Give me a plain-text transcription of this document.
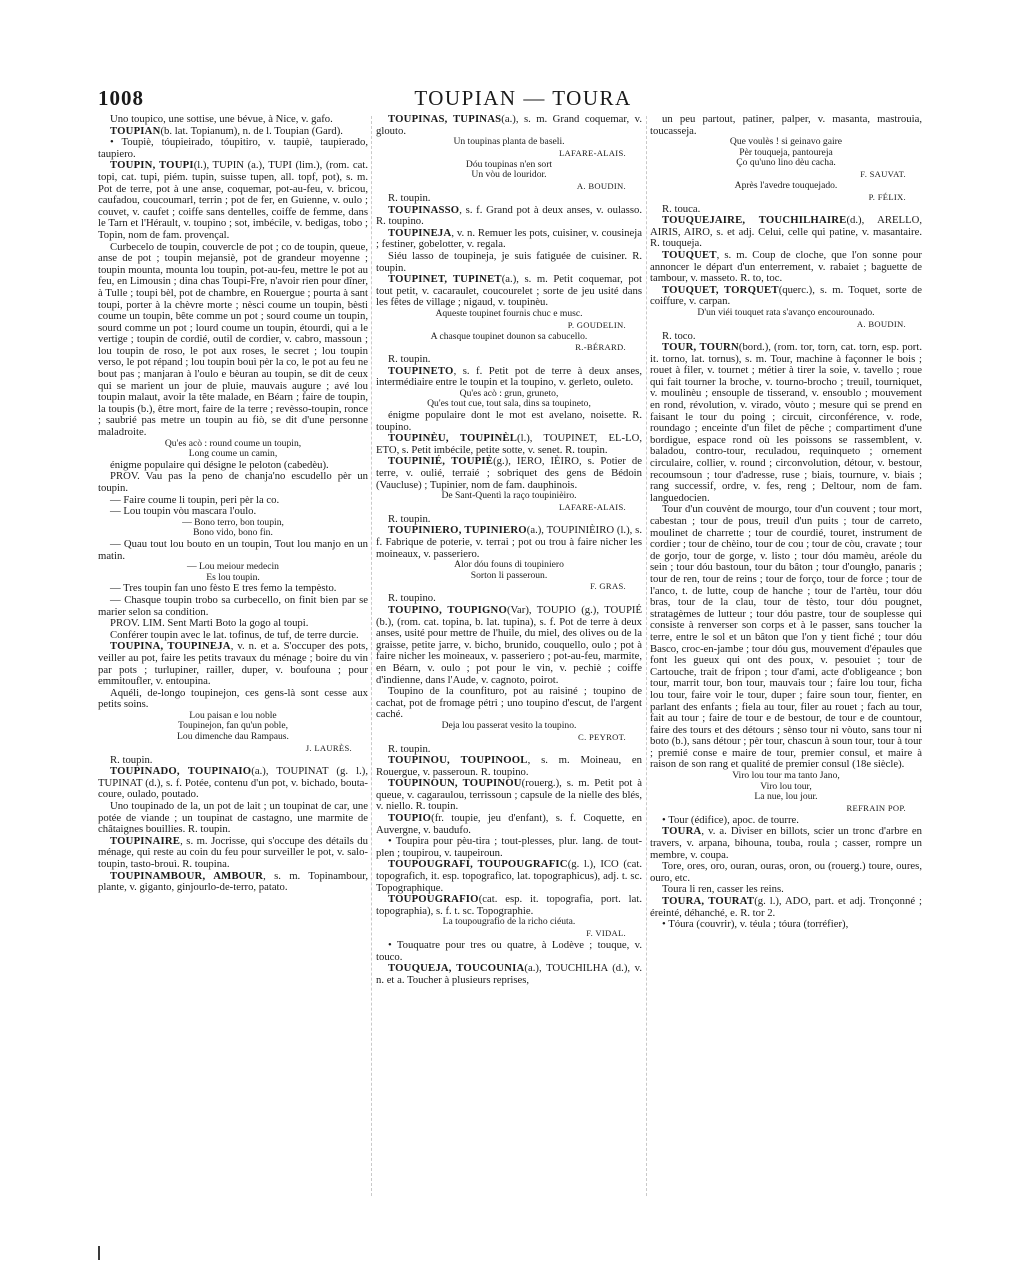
1008	TOUPIAN — TOURA

Uno toupico, une sottise, une bévue, à Nice, v. gafo.

TOUPIAN(b. lat. Topianum), n. de l. Toupian (Gard).

• Toupiè, tóupieirado, tóupitiro, v. taupiè, taupierado, taupiero.

TOUPIN, TOUPI(l.), TUPIN (a.), TUPI (lim.), (rom. cat. topi, cat. tupi, piém. tupin, suisse tupen, all. topf, pot), s. m. Pot de terre, pot à une anse, coquemar, pot-au-feu, v. bricou, caufadou, coucoumarl, terrin ; pot de fer, en Guienne, v. oulo ; couvet, v. caufet ; coiffe sans dentelles, coiffe de femme, dans le Tarn et l'Hérault, v. toupino ; sot, imbécile, v. bedigas, tobo ; Topin, nom de fam. provençal.

Curbecelo de toupin, couvercle de pot ; co de toupin, queue, anse de pot ; toupin mejansiè, pot de grandeur moyenne ; toupin mounta, mounta lou toupin, pot-au-feu, mettre le pot au feu, en Limousin ; dina chas Toupi-Fre, n'avoir rien pour dîner, à Tulle ; toupi bèl, pot de chambre, en Rouergue ; pourta à sant toupi, porter à la chèvre morte ; nèsci coume un toupin, bèsti coume un toupin, bête comme un pot ; sourd coume un toupin, sourd comme un pot ; lourd coume un toupin, étourdi, qui a le vertige ; toupin de cordié, outil de cordier, v. cabro, massoun ; lou toupin de roso, le pot aux roses, le secret ; lou toupin verso, le pot répand ; lou toupin bouì pèr la co, le pot au feu ne bout pas ; manjaran à l'oulo e bèuran au toupin, se dit de ceux qui se marient un jour de pluie, mauvais augure ; avé lou toupin malaut, avoir la tête malade, en Béarn ; faire de toupin, la toupis (b.), être mort, faire de la terre ; revèsso-toupin, ronce ; saubrié pas metre un toupin au fiò, se dit d'une personne maladroite.

Qu'es acò : round coume un toupin,

Long coume un camin,

énigme populaire qui désigne le peloton (cabedèu).

PROV. Vau pas la peno de chanja'no escudello pèr un toupin.

— Faire coume li toupin, peri pèr la co.

— Lou toupin vòu mascara l'oulo.

— Bono terro, bon toupin,

Bono vido, bono fin.

— Quau tout lou bouto en un toupin, Tout lou manjo en un matin.

— Lou meiour medecin

Es lou toupin.

— Tres toupin fan uno fèsto E tres femo la tempèsto.

— Chasque toupin trobo sa curbecello, on finit bien par se marier selon sa condition.

PROV. LIM. Sent Marti Boto la gogo al toupi.

Conférer toupin avec le lat. tofinus, de tuf, de terre durcie.

TOUPINA, TOUPINEJA, v. n. et a. S'occuper des pots, veiller au pot, faire les petits travaux du ménage ; boire du vin par pots ; turlupiner, railler, duper, v. boufouna ; pour emmitoufler, v. entoupina.

Aquéli, de-longo toupinejon, ces gens-là sont cesse aux petits soins.

Lou paisan e lou noble

Toupinejon, fan qu'un poble,

Lou dimenche dau Rampaus.

J. LAURÈS.

R. toupin.

TOUPINADO, TOUPINAIO(a.), TOUPINAT (g. l.), TUPINAT (d.), s. f. Potée, contenu d'un pot, v. bichado, bouta-coure, oulado, poutado.

Uno toupinado de la, un pot de lait ; un toupinat de car, une potée de viande ; un toupinat de castagno, une marmite de châtaignes bouillies. R. toupin.

TOUPINAIRE, s. m. Jocrisse, qui s'occupe des détails du ménage, qui reste au coin du feu pour surveiller le pot, v. salo-toupin, tasto-brouì. R. toupina.

TOUPINAMBOUR, AMBOUR, s. m. Topinambour, plante, v. giganto, ginjourlo-de-terro, patato.

TOUPINAS, TUPINAS(a.), s. m. Grand coquemar, v. glouto.

Un toupinas planta de baseli.

LAFARE-ALAIS.

Dóu toupinas n'en sort

Un vòu de louridor.

A. BOUDIN.

R. toupin.

TOUPINASSO, s. f. Grand pot à deux anses, v. oulasso. R. toupino.

TOUPINEJA, v. n. Remuer les pots, cuisiner, v. cousineja ; festiner, gobelotter, v. regala.

Siéu lasso de toupineja, je suis fatiguée de cuisiner. R. toupin.

TOUPINET, TUPINET(a.), s. m. Petit coquemar, pot tout petit, v. cacaraulet, coucourelet ; sorte de jeu usité dans les fêtes de village ; nigaud, v. toupinèu.

Aqueste toupinet fournis chuc e musc.

P. GOUDELIN.

A chasque toupinet dounon sa cabucello.

R.-BÉRARD.

R. toupin.

TOUPINETO, s. f. Petit pot de terre à deux anses, intermédiaire entre le toupin et la toupino, v. gerleto, ouleto.

Qu'es acò : grun, gruneto,

Qu'es tout cue, tout sala, dins sa toupineto,

énigme populaire dont le mot est avelano, noisette. R. toupino.

TOUPINÈU, TOUPINÈL(l.), TOUPINET, EL-LO, ETO, s. Petit imbécile, petite sotte, v. senet. R. toupin.

TOUPINIÉ, TOUPIÈ(g.), IERO, IÈIRO, s. Potier de terre, v. oulié, terraié ; sobriquet des gens de Bédoin (Vaucluse) ; Tupinier, nom de fam. dauphinois.

De Sant-Quentì la raço toupinièiro.

LAFARE-ALAIS.

R. toupin.

TOUPINIERO, TUPINIERO(a.), TOUPINIÈIRO (l.), s. f. Fabrique de poterie, v. terrai ; pot ou trou à faire nicher les moineaux, v. passeriero.

Alor dóu founs di toupiniero

Sorton li passeroun.

F. GRAS.

R. toupino.

TOUPINO, TOUPIGNO(Var), TOUPIO (g.), TOUPIÉ (b.), (rom. cat. topina, b. lat. tupina), s. f. Pot de terre à deux anses, usité pour mettre de l'huile, du miel, des olives ou de la graisse, petite jarre, v. bicho, brunido, couquello, oulo ; pot à faire nicher les moineaux, v. passeriero ; pot-au-feu, marmite, en Béarn, v. oulo ; pot pour le vin, v. pechiè ; coiffe d'indienne, dans l'Aude, v. cagnoto, poirot.

Toupino de la counfituro, pot au raisiné ; toupino de cachat, pot de fromage pétri ; uno toupino d'escut, de l'argent caché.

Deja lou passerat vesito la toupino.

C. PEYROT.

R. toupin.

TOUPINOU, TOUPINOOL, s. m. Moineau, en Rouergue, v. passeroun. R. toupino.

TOUPINOUN, TOUPINOU(rouerg.), s. m. Petit pot à queue, v. cagaraulou, terrissoun ; capsule de la nielle des blés, v. niello. R. toupin.

TOUPIO(fr. toupie, jeu d'enfant), s. f. Coquette, en Auvergne, v. baudufo.

• Toupira pour pèu-tira ; tout-plesses, plur. lang. de tout-plen ; toupirou, v. taupeiroun.

TOUPOUGRAFI, TOUPOUGRAFIC(g. l.), ICO (cat. topografich, it. esp. topografico, lat. topographicus), adj. t. sc. Topographique.

TOUPOUGRAFIO(cat. esp. it. topografia, port. lat. topographia), s. f. t. sc. Topographie.

La toupougrafio de la richo ciéuta.

F. VIDAL.

• Touquatre pour tres ou quatre, à Lodève ; touque, v. touco.

TOUQUEJA, TOUCOUNIA(a.), TOUCHILHA (d.), v. n. et a. Toucher à plusieurs reprises,

un peu partout, patiner, palper, v. masanta, mastrouia, toucasseja.

Que voulès ! si geinavo gaire

Pèr touqueja, pantoureja

Ço qu'uno lino dèu cacha.

F. SAUVAT.

Après l'avedre touquejado.

P. FÉLIX.

R. touca.

TOUQUEJAIRE, TOUCHILHAIRE(d.), ARELLO, AIRIS, AIRO, s. et adj. Celui, celle qui patine, v. masantaire. R. touqueja.

TOUQUET, s. m. Coup de cloche, que l'on sonne pour annoncer le départ d'un enterrement, v. rabaiet ; baguette de tambour, v. masseto. R. to, toc.

TOUQUET, TORQUET(querc.), s. m. Toquet, sorte de coiffure, v. carpan.

D'un viéi touquet rata s'avanço encourounado.

A. BOUDIN.

R. toco.

TOUR, TOURN(bord.), (rom. tor, torn, cat. torn, esp. port. it. torno, lat. tornus), s. m. Tour, machine à façonner le bois ; rouet à filer, v. tournet ; métier à tirer la soie, v. tavello ; roue qui fait tourner la broche, v. tourno-brocho ; treuil, tourniquet, v. moulinèu ; ensouple de tisserand, v. ensoublo ; mouvement en rond, révolution, v. virado, vòuto ; mesure qui se prend en faisant le tour du poing ; circuit, circonférence, v. rode, roundago ; enceinte d'un filet de pêche ; compartiment d'une bordigue, espace rond où les poissons se rassemblent, v. baladou, contro-tour, reculadou, requinqueto ; ornement circulaire, collier, v. round ; circonvolution, détour, v. bestour, recoumsoun ; tour d'adresse, ruse ; biais, tournure, v. biais ; rang successif, ordre, v. fes, reng ; Deltour, nom de fam. languedocien.

Tour d'un couvènt de mourgo, tour d'un couvent ; tour mort, cabestan ; tour de pous, treuil d'un puits ; tour de carreto, moulinet de charrette ; tour de courdié, touret, instrument de cordier ; tour de chèino, tour de cou ; tour de còu, cravate ; tour de gorjo, tour de gorge, v. listo ; tour dóu mamèu, aréole du sein ; tour dóu bastoun, tour du bâton ; tour d'oungło, panaris ; tour de ren, tour de reins ; tour de forço, tour de force ; tour de l'anco, t. de lutte, coup de hanche ; tour de l'artèu, tour dóu bras, tour de la clau, tour de tèsto, tour dóu pougnet, stratagèmes de lutteur ; tour dóu pastre, tour de souplesse qui consiste à renverser son corps et à le passer, sans toucher la terre, entre le sol et un bâton que l'on y tient fiché ; tour dóu Basco, croc-en-jambe ; tour dóu gus, mouvement d'épaules que font les gueux qui ont des poux, v. pesouiet ; tour de Cartouche, trait de fripon ; tour d'ami, acte d'obligeance ; bon tour, marrit tour, bon tour, mauvais tour ; faire lou tour, ficha lou tour, faire voir le tour, duper ; faire soun tour, fienter, en parlant des enfants ; fiela au tour, filer au rouet ; fach au tour, fait au tour ; faire de tour e de bestour, de tour e de countour, faire des tours et des détours ; sènso tour ni vòuto, sans tour ni boto (b.), sans détour ; pèr tour, chascun à soun tour, tour à tour ; premié conse e maire de tour, premier consul, et maire à raison de son rang et qualité de premier consul (18e siècle).

Viro lou tour ma tanto Jano,

Viro lou tour,

La nue, lou jour.

REFRAIN POP.

• Tour (édifice), apoc. de tourre.

TOURA, v. a. Diviser en billots, scier un tronc d'arbre en travers, v. arpana, bihouna, touba, roula ; casser, rompre un membre, v. coupa.

Tore, ores, oro, ouran, ouras, oron, ou (rouerg.) toure, oures, ouro, etc.

Toura li ren, casser les reins.

TOURA, TOURAT(g. l.), ADO, part. et adj. Tronçonné ; éreinté, déhanché, e. R. tor 2.

• Tóura (couvrir), v. téula ; tóura (torréfier),
